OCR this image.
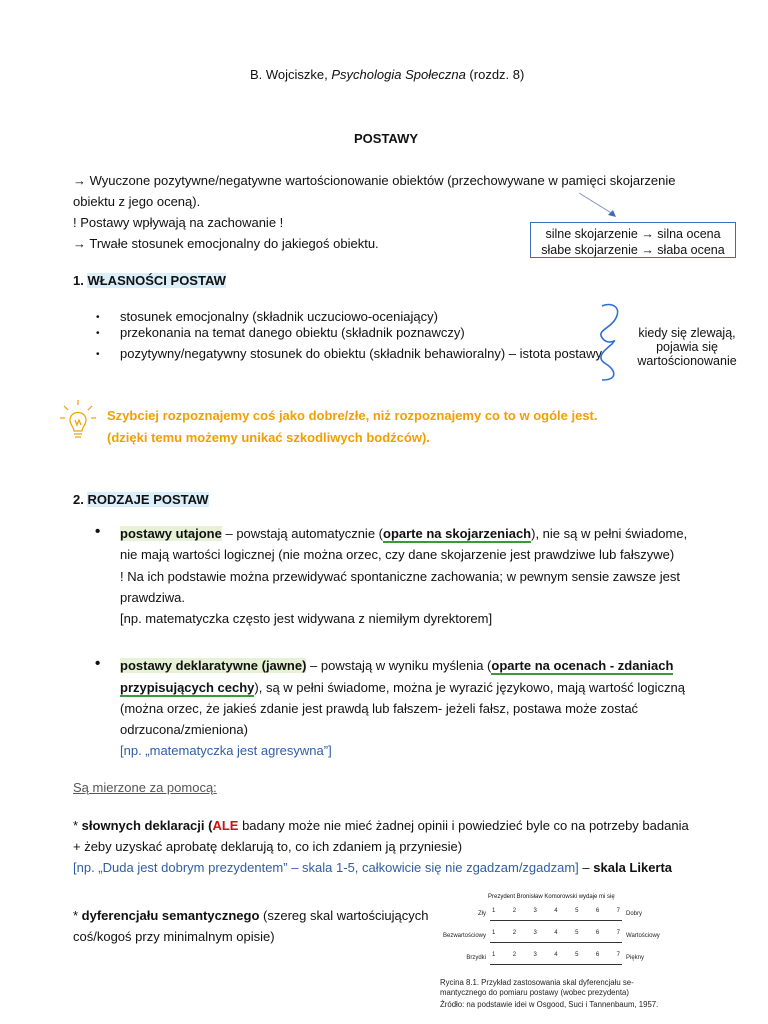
B. Wojciszke, Psychologia Społeczna (rozdz. 8)
POSTAWY
→ Wyuczone pozytywne/negatywne wartościonowanie obiektów (przechowywane w pamięci skojarzenie
obiektu z jego oceną).
! Postawy wpływają na zachowanie !
→ Trwałe stosunek emocjonalny do jakiegoś obiektu.
silne skojarzenie → silna ocena
słabe skojarzenie → słaba ocena
1. WŁASNOŚCI POSTAW
• stosunek emocjonalny (składnik uczuciowo-oceniający)
• przekonania na temat danego obiektu (składnik poznawczy)
• pozytywny/negatywny stosunek do obiektu (składnik behawioralny) – istota postawy
kiedy się zlewają, pojawia się wartościonowanie
Szybciej rozpoznajemy coś jako dobre/złe, niż rozpoznajemy co to w ogóle jest.
(dzięki temu możemy unikać szkodliwych bodźców).
2. RODZAJE POSTAW
• postawy utajone – powstają automatycznie (oparte na skojarzeniach), nie są w pełni świadome,
nie mają wartości logicznej (nie można orzec, czy dane skojarzenie jest prawdziwe lub fałszywe)
! Na ich podstawie można przewidywać spontaniczne zachowania; w pewnym sensie zawsze jest
prawdziwa.
[np. matematyczka często jest widywana z niemiłym dyrektorem]
• postawy deklaratywne (jawne) – powstają w wyniku myślenia (oparte na ocenach - zdaniach
przypisujących cechy), są w pełni świadome, można je wyrazić językowo, mają wartość logiczną
(można orzec, że jakieś zdanie jest prawdą lub fałszem- jeżeli fałsz, postawa może zostać
odrzucona/zmieniona)
[np. „matematyczka jest agresywna”]
Są mierzone za pomocą:
* słownych deklaracji (ALE badany może nie mieć żadnej opinii i powiedzieć byle co na potrzeby badania
+ żeby uzyskać aprobatę deklarują to, co ich zdaniem ją przyniesie)
[np. „Duda jest dobrym prezydentem” – skala 1-5, całkowicie się nie zgadzam/zgadzam] – skala Likerta
* dyferencjału semantycznego (szereg skal wartościujących
coś/kogoś przy minimalnym opisie)
Prezydent Bronisław Komorowski wydaje mi się
Zły 1	2	3	4	5	6	7 Dobry
Bezwartościowy 1	2	3	4	5	6	7 Wartościowy
Brzydki 1	2	3	4	5	6	7 Piękny
Rycina 8.1. Przykład zastosowania skal dyferencjału se-
mantycznego do pomiaru postawy (wobec prezydenta)
Źródło: na podstawie idei w Osgood, Suci i Tannenbaum, 1957.
